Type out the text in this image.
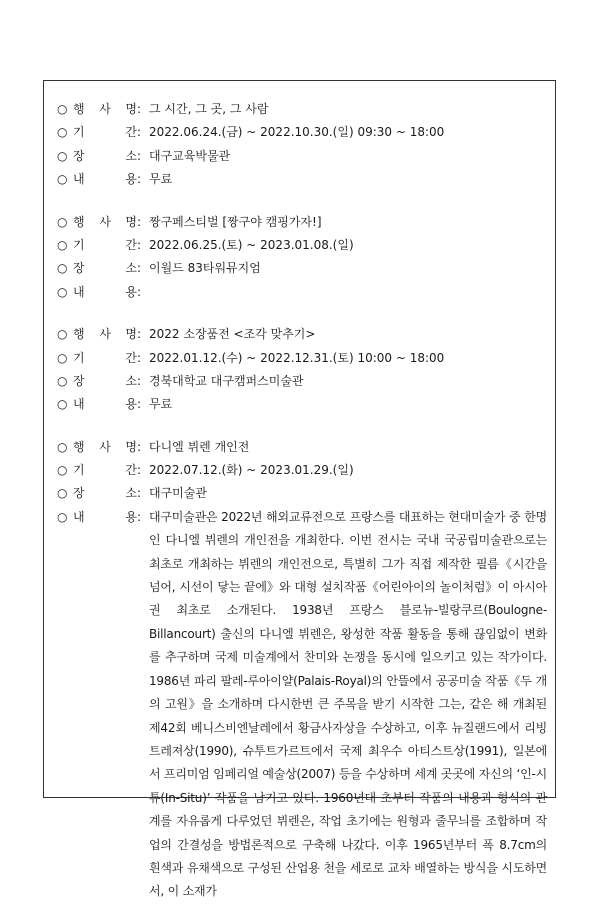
○ 행 사 명 : 그 시간, 그 곳, 그 사람
○ 기	간 : 2022.06.24.(금) ~ 2022.10.30.(일) 09:30 ~ 18:00
○ 장	소 : 대구교육박물관
○ 내	용 : 무료
○ 행 사 명 : 짱구페스티벌 [짱구야 캠핑가자!]
○ 기	간 : 2022.06.25.(토) ~ 2023.01.08.(일)
○ 장	소 : 이월드 83타워뮤지엄
○ 내	용 :
○ 행 사 명 : 2022 소장품전 <조각 맞추기>
○ 기	간 : 2022.01.12.(수) ~ 2022.12.31.(토) 10:00 ~ 18:00
○ 장	소 : 경북대학교 대구캠퍼스미술관
○ 내	용 : 무료
○ 행 사 명 : 다니엘 뷔렌 개인전
○ 기	간 : 2022.07.12.(화) ~ 2023.01.29.(일)
○ 장	소 : 대구미술관
○ 내	용 : 대구미술관은 2022년 해외교류전으로 프랑스를 대표하는 현대미술가 중 한명인 다니엘 뷔렌의 개인전을 개최한다. 이번 전시는 국내 국공립미술관으로는 최초로 개최하는 뷔렌의 개인전으로, 특별히 그가 직접 제작한 필름《시간을 넘어, 시선이 닿는 끝에》와 대형 설치작품《어린아이의 놀이처럼》이 아시아권 최초로 소개된다. 1938년 프랑스 블로뉴-빌랑쿠르(Boulogne-Billancourt) 출신의 다니엘 뷔렌은, 왕성한 작품 활동을 통해 끊임없이 변화를 추구하며 국제 미술계에서 찬미와 논쟁을 동시에 일으키고 있는 작가이다. 1986년 파리 팔레-루아이얄(Palais-Royal)의 안뜰에서 공공미술 작품《두 개의 고원》을 소개하며 다시한번 큰 주목을 받기 시작한 그는, 같은 해 개최된 제42회 베니스비엔날레에서 황금사자상을 수상하고, 이후 뉴질랜드에서 리빙 트레져상(1990), 슈투트가르트에서 국제 최우수 아티스트상(1991), 일본에서 프리미엄 임페리얼 예술상(2007) 등을 수상하며 세계 곳곳에 자신의 ‘인-시튜(In-Situ)’ 작품을 남기고 있다. 1960년대 초부터 작품의 내용과 형식의 관계를 자유롭게 다루었던 뷔렌은, 작업 초기에는 원형과 줄무늬를 조합하며 작업의 간결성을 방법론적으로 구축해 나갔다. 이후 1965년부터 폭 8.7cm의 흰색과 유채색으로 구성된 산업용 천을 세로로 교차 배열하는 방식을 시도하면서, 이 소재가
